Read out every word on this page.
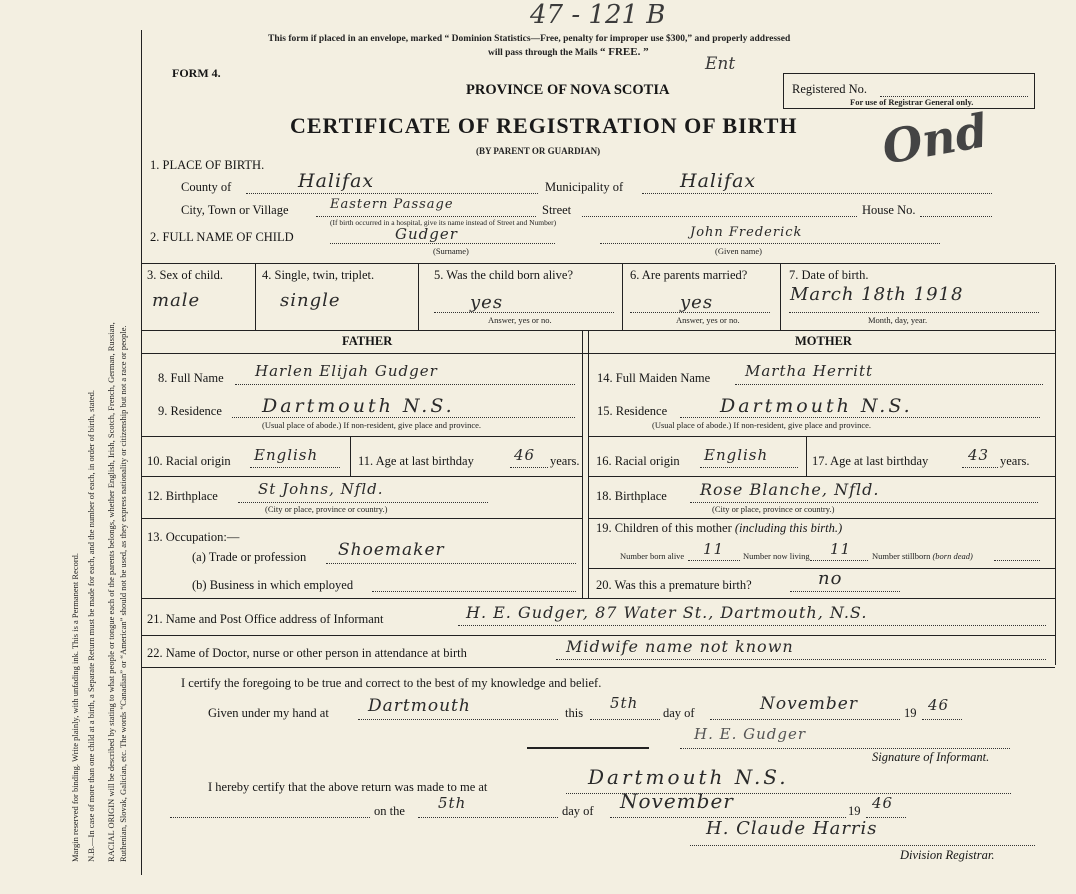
Margin reserved for binding. Write plainly, with unfading ink. This is a Permanent Record. N.B.—In case of more than one child at a birth, a Separate Return must be made for each, and the number of each, in order of birth, stated. RACIAL ORIGIN will be described by stating to what people or tongue each of the parents belongs, whether English, Irish, Scotch, French, German, Russian, Ruthenian, Slovak, Galician, etc. The words “Canadian” or “American” should not be used, as they express nationality or citizenship but not a race or people.
47 - 121 B
This form if placed in an envelope, marked “ Dominion Statistics—Free, penalty for improper use $300,” and properly addressed
will pass through the Mails “ FREE. ”
Ent
FORM 4.
PROVINCE OF NOVA SCOTIA
CERTIFICATE OF REGISTRATION OF BIRTH
(BY PARENT OR GUARDIAN)
Registered No.
For use of Registrar General only.
Ond
1. PLACE OF BIRTH.
County of	Halifax	Municipality of	Halifax
City, Town or Village	Eastern Passage
(If birth occurred in a hospital, give its name instead of Street and Number)
Street	House No.
2. FULL NAME OF CHILD	Gudger	John Frederick
(Surname)	(Given name)
3. Sex of child.
male
4. Single, twin, triplet.
single
5. Was the child born alive?
yes
Answer, yes or no.
6. Are parents married?
yes
Answer, yes or no.
7. Date of birth.
March 18th 1918
Month, day, year.
FATHER	MOTHER
8. Full Name Harlen Elijah Gudger
9. Residence Dartmouth N.S.
(Usual place of abode.) If non-resident, give place and province.
10. Racial origin English	11. Age at last birthday	46 years.
12. Birthplace	St Johns, Nfld.
(City or place, province or country.)
13. Occupation:—
(a) Trade or profession Shoemaker
(b) Business in which employed
14. Full Maiden Name Martha Herritt
15. Residence	Dartmouth N.S.
(Usual place of abode.) If non-resident, give place and province.
16. Racial origin English	17. Age at last birthday	43 years.
18. Birthplace Rose Blanche, Nfld.
(City or place, province or country.)
19. Children of this mother (including this birth.)
Number born alive 11 Number now living 11 Number stillborn (born dead)
20. Was this a premature birth?	no
21. Name and Post Office address of Informant	H. E. Gudger, 87 Water St., Dartmouth, N.S.
22. Name of Doctor, nurse or other person in attendance at birth	Midwife name not known
I certify the foregoing to be true and correct to the best of my knowledge and belief.
Given under my hand at Dartmouth	this
5th
day of	November	19 46
H. E. Gudger
Signature of Informant.
I hereby certify that the above return was made to me at	Dartmouth N.S.
on the 5th	day of November	19 46
H. Claude Harris
Division Registrar.
